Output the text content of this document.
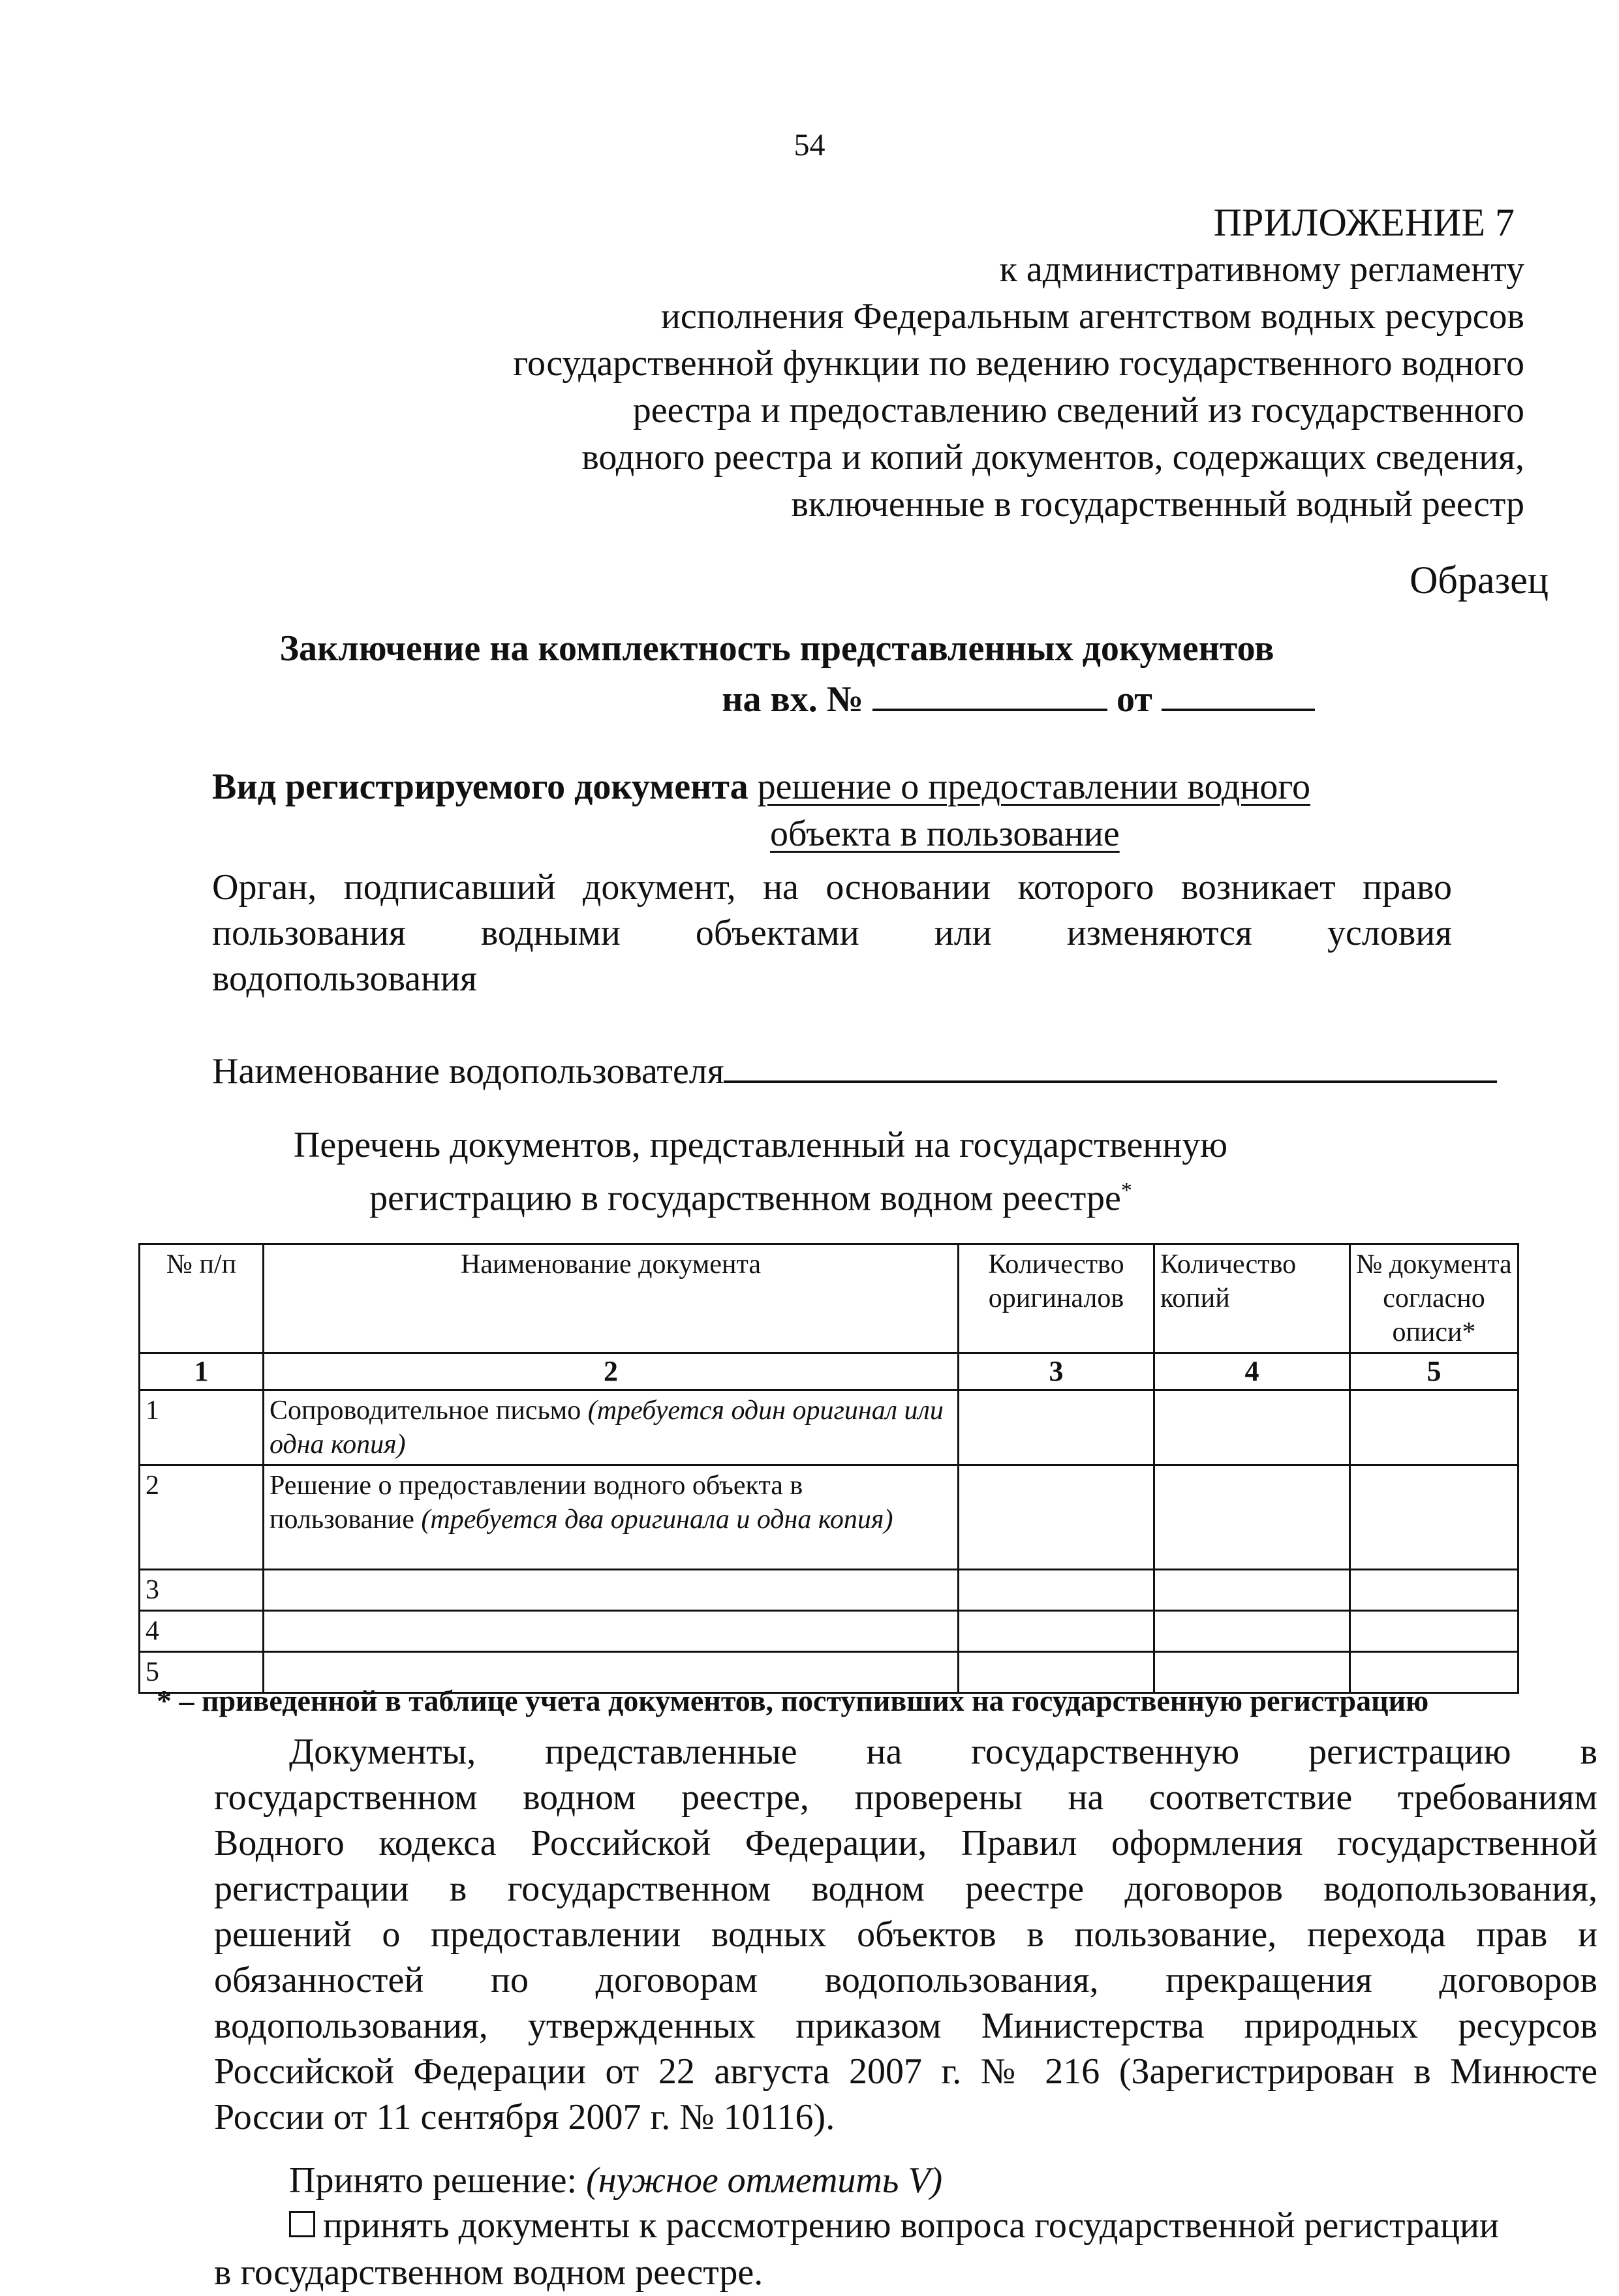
54
ПРИЛОЖЕНИЕ 7
к административному регламенту
исполнения Федеральным агентством водных ресурсов
государственной функции по ведению государственного водного
реестра и предоставлению сведений из государственного
водного реестра и копий документов, содержащих сведения,
включенные в государственный водный реестр
Образец
Заключение на комплектность представленных документов
на вх. №	от
Вид регистрируемого документа решение о предоставлении водного
объекта в пользование
Орган, подписавший документ, на основании которого возникает право
пользования водными объектами или изменяются условия
водопользования
Наименование водопользователя
Перечень документов, представленный на государственную
регистрацию в государственном водном реестре*
№ п/п	Наименование документа	Количество оригиналов	Количество копий	№ документа согласно описи*
1	2	3	4	5
1	Сопроводительное письмо (требуется один оригинал или одна копия)			
2	Решение о предоставлении водного объекта в пользование (требуется два оригинала и одна копия)			
3				
4				
5				
* – приведенной в таблице учета документов, поступивших на государственную регистрацию
Документы, представленные на государственную регистрацию в
государственном водном реестре, проверены на соответствие требованиям
Водного кодекса Российской Федерации, Правил оформления государственной
регистрации в государственном водном реестре договоров водопользования,
решений о предоставлении водных объектов в пользование, перехода прав и
обязанностей по договорам водопользования, прекращения договоров
водопользования, утвержденных приказом Министерства природных ресурсов
Российской Федерации от 22 августа 2007 г. № 216 (Зарегистрирован в Минюсте
России от 11 сентября 2007 г. № 10116).
Принято решение: (нужное отметить V)
принять документы к рассмотрению вопроса государственной регистрации
в государственном водном реестре.
